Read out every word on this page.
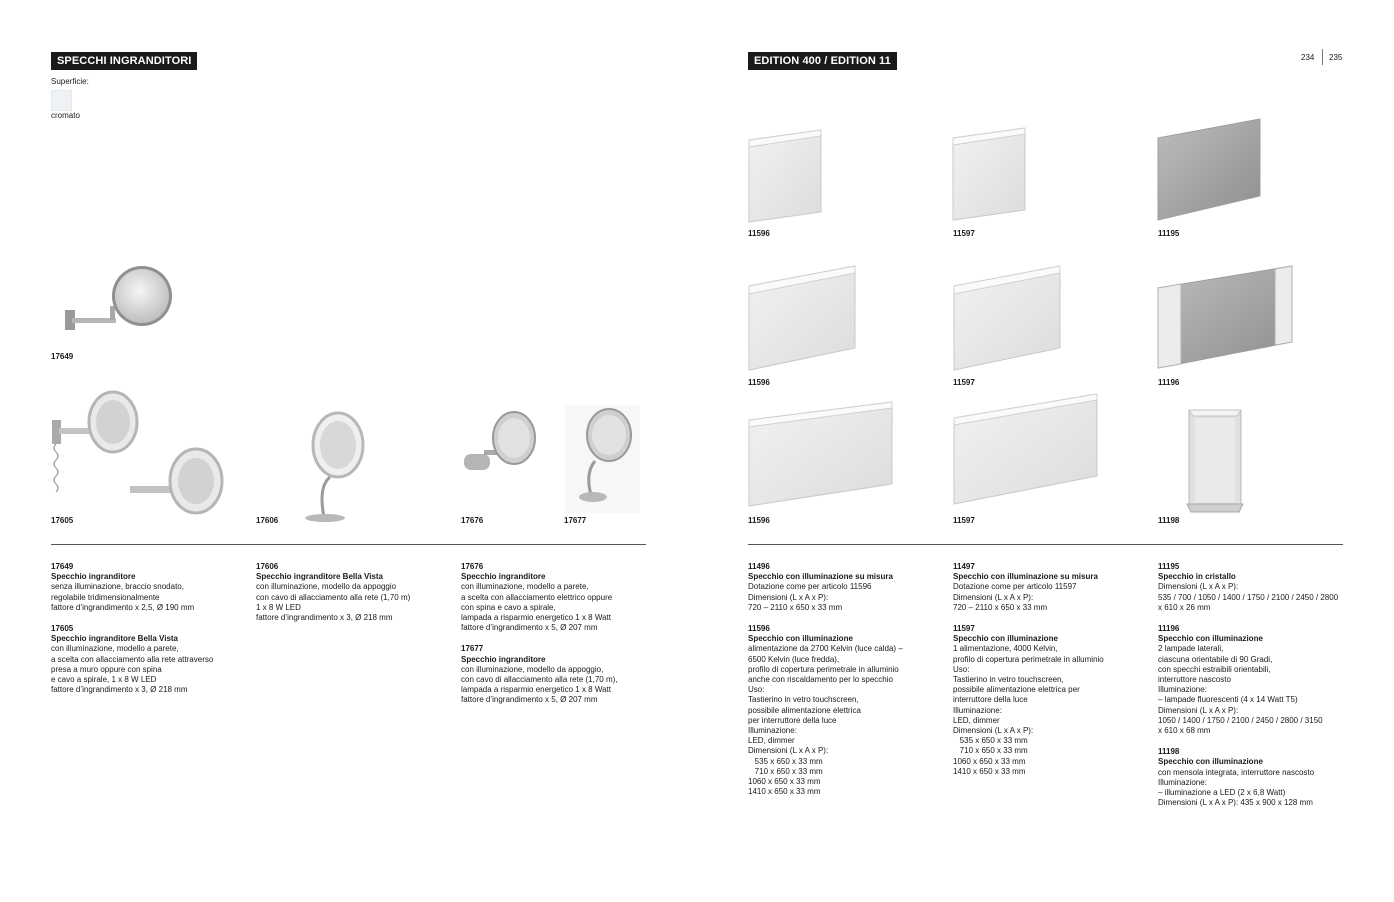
SPECCHI INGRANDITORI
Superficie:
cromato
17649
17605	17606	17676	17677
17649
Specchio ingranditore
senza illuminazione, braccio snodato,
regolabile tridimensionalmente
fattore d’ingrandimento x 2,5, Ø 190 mm
17605
Specchio ingranditore Bella Vista
con illuminazione, modello a parete,
a scelta con allacciamento alla rete attraverso
presa a muro oppure con spina
e cavo a spirale, 1 x 8 W LED
fattore d’ingrandimento x 3, Ø 218 mm
17606
Specchio ingranditore Bella Vista
con illuminazione, modello da appoggio
con cavo di allacciamento alla rete (1,70 m)
1 x 8 W LED
fattore d’ingrandimento x 3, Ø 218 mm
17676
Specchio ingranditore
con illuminazione, modello a parete,
a scelta con allacciamento elettrico oppure
con spina e cavo a spirale,
lampada a risparmio energetico 1 x 8 Watt
fattore d’ingrandimento x 5, Ø 207 mm
17677
Specchio ingranditore
con illuminazione, modello da appoggio,
con cavo di allacciamento alla rete (1,70 m),
lampada a risparmio energetico 1 x 8 Watt
fattore d’ingrandimento x 5, Ø 207 mm
EDITION 400 / EDITION 11	234 235
11596	11597	11195
11596	11597	11196
11596	11597	11198
11496
Specchio con illuminazione su misura
Dotazione come per articolo 11596
Dimensioni (L x A x P):
720 – 2110 x 650 x 33 mm
11596
Specchio con illuminazione
alimentazione da 2700 Kelvin (luce calda) –
6500 Kelvin (luce fredda),
profilo di copertura perimetrale in alluminio
anche con riscaldamento per lo specchio
Uso:
Tastierino in vetro touchscreen,
possibile alimentazione elettrica
per interruttore della luce
Illuminazione:
LED, dimmer
Dimensioni (L x A x P):
535 x 650 x 33 mm
710 x 650 x 33 mm
1060 x 650 x 33 mm
1410 x 650 x 33 mm
11497
Specchio con illuminazione su misura
Dotazione come per articolo 11597
Dimensioni (L x A x P):
720 – 2110 x 650 x 33 mm
11597
Specchio con illuminazione
1 alimentazione, 4000 Kelvin,
profilo di copertura perimetrale in alluminio
Uso:
Tastierino in vetro touchscreen,
possibile alimentazione elettrica per
interruttore della luce
Illuminazione:
LED, dimmer
Dimensioni (L x A x P):
535 x 650 x 33 mm
710 x 650 x 33 mm
1060 x 650 x 33 mm
1410 x 650 x 33 mm
11195
Specchio in cristallo
Dimensioni (L x A x P):
535 / 700 / 1050 / 1400 / 1750 / 2100 / 2450 / 2800
x 610 x 26 mm
11196
Specchio con illuminazione
2 lampade laterali,
ciascuna orientabile di 90 Gradi,
con specchi estraibili orientabili,
interruttore nascosto
Illuminazione:
– lampade fluorescenti (4 x 14 Watt T5)
Dimensioni (L x A x P):
1050 / 1400 / 1750 / 2100 / 2450 / 2800 / 3150
x 610 x 68 mm
11198
Specchio con illuminazione
con mensola integrata, interruttore nascosto
Illuminazione:
– illuminazione a LED (2 x 6,8 Watt)
Dimensioni (L x A x P): 435 x 900 x 128 mm
